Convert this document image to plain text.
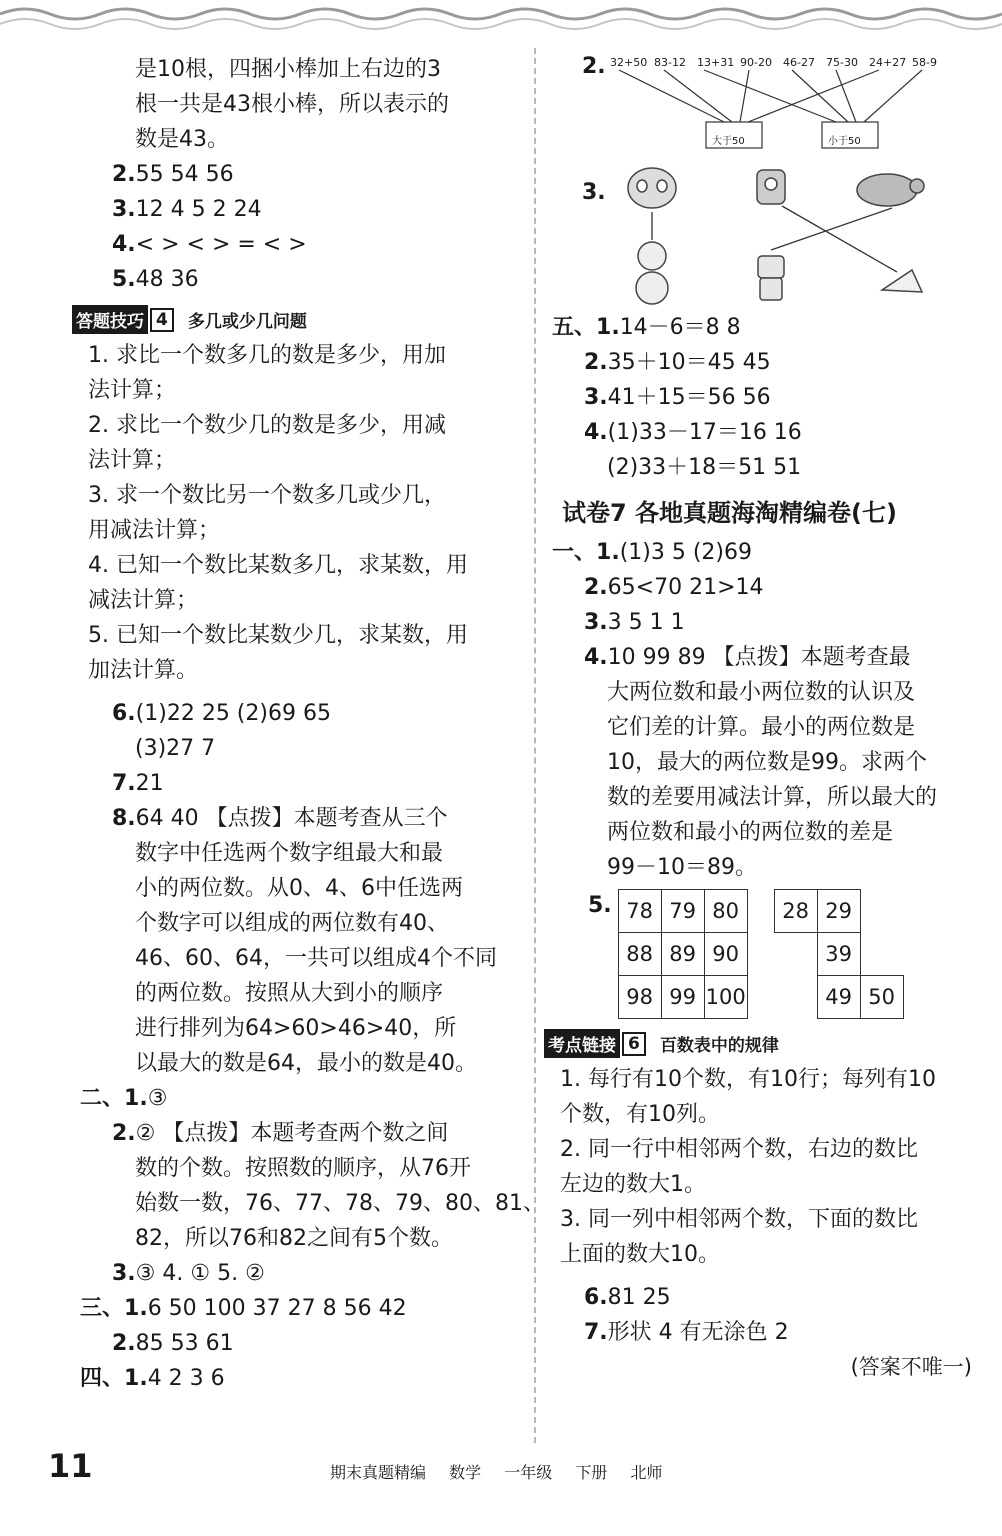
是10根，四捆小棒加上右边的3
根一共是43根小棒，所以表示的
数是43。
2.55 54 56
3.12 4 5 2 24
4.< > < > = < >
5.48 36
答题技巧 4	多几或少几问题
1. 求比一个数多几的数是多少，用加
法计算；
2. 求比一个数少几的数是多少，用减
法计算；
3. 求一个数比另一个数多几或少几，
用减法计算；
4. 已知一个数比某数多几，求某数，用
减法计算；
5. 已知一个数比某数少几，求某数，用
加法计算。
6.(1)22 25 (2)69 65
(3)27 7
7.21
8.64 40 【点拨】本题考查从三个
数字中任选两个数字组最大和最
小的两位数。从0、4、6中任选两
个数字可以组成的两位数有40、
46、60、64，一共可以组成4个不同
的两位数。按照从大到小的顺序
进行排列为64>60>46>40，所
以最大的数是64，最小的数是40。
二、1.③
2.② 【点拨】本题考查两个数之间
数的个数。按照数的顺序，从76开
始数一数，76、77、78、79、80、81、
82，所以76和82之间有5个数。
3.③ 4. ① 5. ②
三、1.6 50 100 37 27 8 56 42
2.85 53 61
四、1.4 2 3 6
2. 32+50 83-12	13+31 90-20	46-27	75-30	24+27 58-9
大于50	小于50
3.
五、1.14－6＝8 8
2.35＋10＝45 45
3.41＋15＝56 56
4.(1)33－17＝16 16
(2)33＋18＝51 51
试卷7 各地真题海淘精编卷(七)
一、1.(1)3 5 (2)69
2.65<70 21>14
3.3 5 1 1
4.10 99 89 【点拨】本题考查最
大两位数和最小两位数的认识及
它们差的计算。最小的两位数是
10，最大的两位数是99。求两个
数的差要用减法计算，所以最大的
两位数和最小的两位数的差是
99－10＝89。
5. 78	79	80
88	89	90
98	99	100
28	29	
	39	
	49	50
考点链接 6	百数表中的规律
1. 每行有10个数，有10行；每列有10
个数，有10列。
2. 同一行中相邻两个数，右边的数比
左边的数大1。
3. 同一列中相邻两个数，下面的数比
上面的数大10。
6.81 25
7.形状 4 有无涂色 2
(答案不唯一)
11	期末真题精编 数学 一年级 下册 北师
